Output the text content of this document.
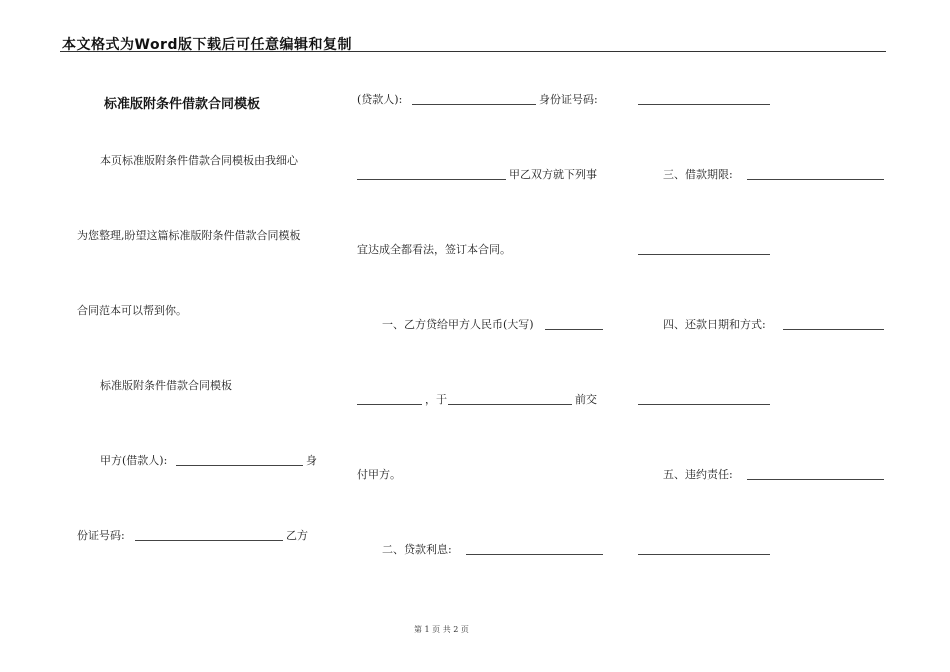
本文格式为Word版下载后可任意编辑和复制
标准版附条件借款合同模板
本页标准版附条件借款合同模板由我细心
为您整理,盼望这篇标准版附条件借款合同模板
合同范本可以帮到你。
标准版附条件借款合同模板
甲方(借款人):	身
份证号码:	乙方
(贷款人):	身份证号码:
甲乙双方就下列事
宜达成全都看法，签订本合同。
一、乙方贷给甲方人民币(大写)
，于	前交
付甲方。
二、贷款利息:
三、借款期限:
四、还款日期和方式:
五、违约责任:
第 1 页 共 2 页
